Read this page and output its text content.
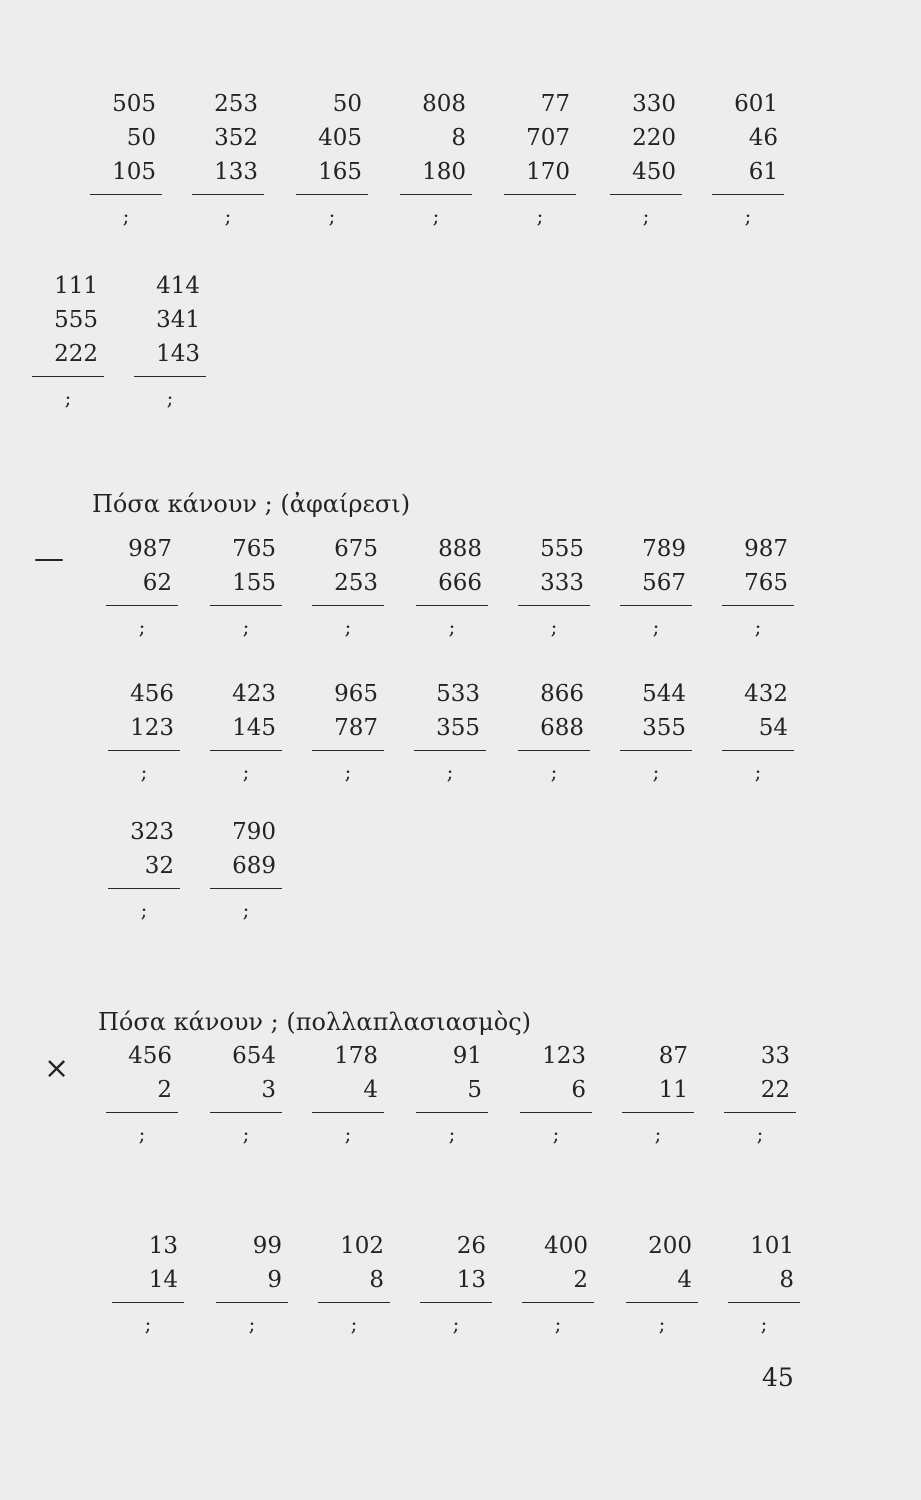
505
50
105
;
253
352
133
;
50
405
165
;
808
8
180
;
77
707
170
;
330
220
450
;
601
46
61
;
111
555
222
;
414
341
143
;
Πόσα κάνουν ; (ἀφαίρεσι)
—	987
62
;
765
155
;
675
253
;
888
666
;
555
333
;
789
567
;
987
765
;
456
123
;
423
145
;
965
787
;
533
355
;
866
688
;
544
355
;
432
54
;
323
32
;
790
689
;
Πόσα κάνουν ; (πολλαπλασιασμὸς)
×	456
2
;
654
3
;
178
4
;
91
5
;
123
6
;
87
11
;
33
22
;
13
14
;
99
9
;
102
8
;
26
13
;
400
2
;
200
4
;
101
8
;
45
